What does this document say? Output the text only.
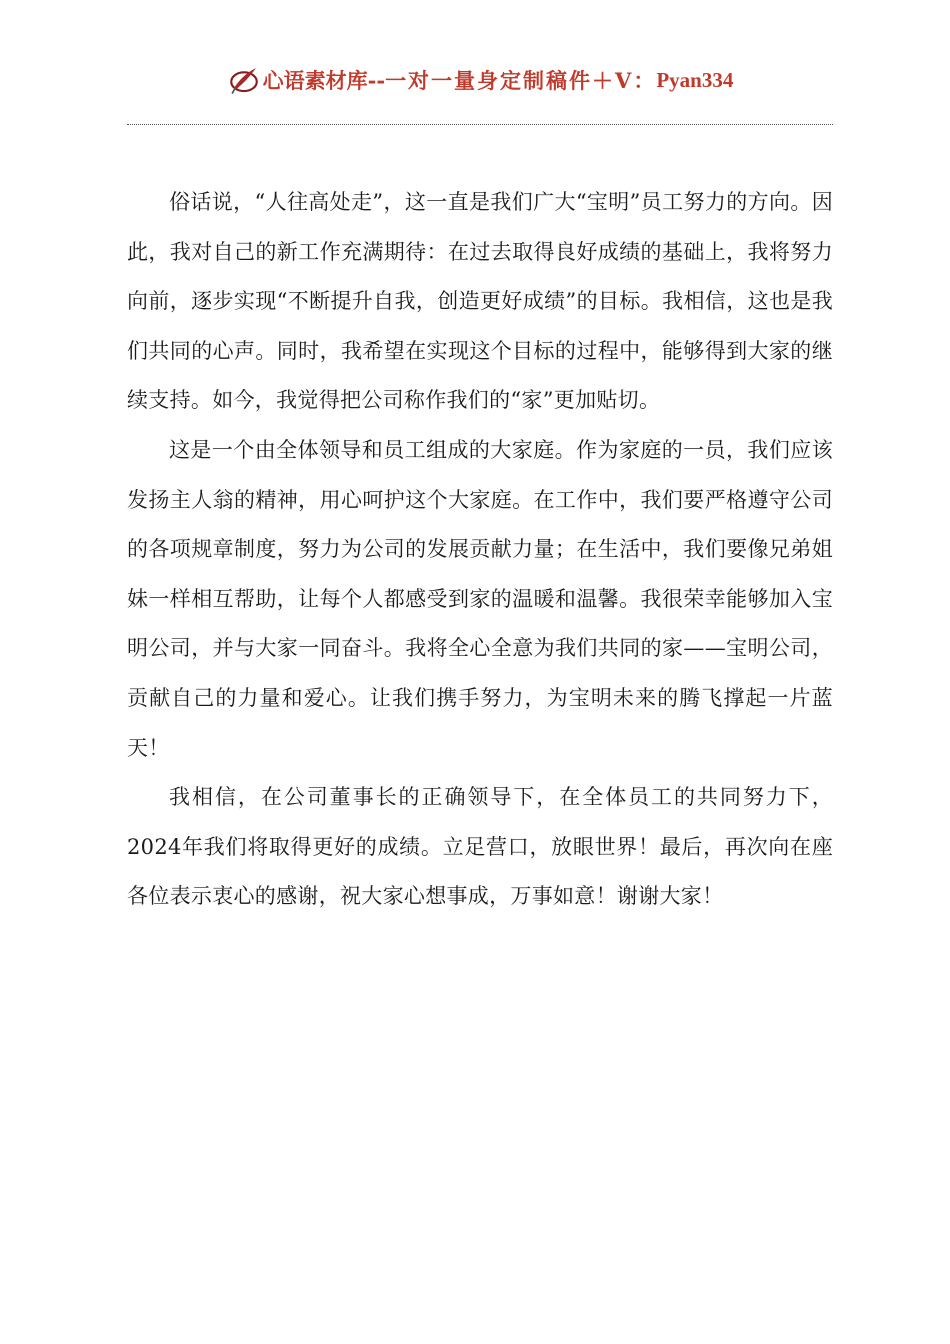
心语素材库 -- 一对一量身定制稿件＋V： Pyan334

俗话说，“人往高处走”，这一直是我们广大“宝明”员工努力的方向。因此，我对自己的新工作充满期待：在过去取得良好成绩的基础上，我将努力向前，逐步实现“不断提升自我，创造更好成绩”的目标。我相信，这也是我们共同的心声。同时，我希望在实现这个目标的过程中，能够得到大家的继续支持。如今，我觉得把公司称作我们的“家”更加贴切。

这是一个由全体领导和员工组成的大家庭。作为家庭的一员，我们应该发扬主人翁的精神，用心呵护这个大家庭。在工作中，我们要严格遵守公司的各项规章制度，努力为公司的发展贡献力量；在生活中，我们要像兄弟姐妹一样相互帮助，让每个人都感受到家的温暖和温馨。我很荣幸能够加入宝明公司，并与大家一同奋斗。我将全心全意为我们共同的家——宝明公司，贡献自己的力量和爱心。让我们携手努力，为宝明未来的腾飞撑起一片蓝天！

我相信，在公司董事长的正确领导下，在全体员工的共同努力下，2024年我们将取得更好的成绩。立足营口，放眼世界！最后，再次向在座各位表示衷心的感谢，祝大家心想事成，万事如意！谢谢大家！
